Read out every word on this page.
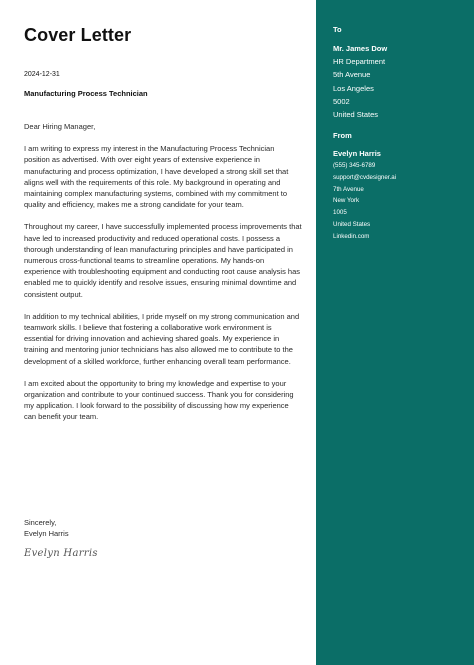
Cover Letter
2024-12-31
Manufacturing Process Technician

Dear Hiring Manager,

I am writing to express my interest in the Manufacturing Process Technician position as advertised. With over eight years of extensive experience in manufacturing and process optimization, I have developed a strong skill set that aligns well with the requirements of this role. My background in operating and maintaining complex manufacturing systems, combined with my commitment to quality and efficiency, makes me a strong candidate for your team.

Throughout my career, I have successfully implemented process improvements that have led to increased productivity and reduced operational costs. I possess a thorough understanding of lean manufacturing principles and have participated in numerous cross-functional teams to streamline operations. My hands-on experience with troubleshooting equipment and conducting root cause analysis has enabled me to quickly identify and resolve issues, ensuring minimal downtime and consistent output.

In addition to my technical abilities, I pride myself on my strong communication and teamwork skills. I believe that fostering a collaborative work environment is essential for driving innovation and achieving shared goals. My experience in training and mentoring junior technicians has also allowed me to contribute to the development of a skilled workforce, further enhancing overall team performance.

I am excited about the opportunity to bring my knowledge and expertise to your organization and contribute to your continued success. Thank you for considering my application. I look forward to the possibility of discussing how my experience can benefit your team.

Sincerely,
Evelyn Harris
Evelyn Harris
To
Mr. James Dow
HR Department
5th Avenue
Los Angeles
5002
United States
From
Evelyn Harris
(555) 345-6789
support@cvdesigner.ai
7th Avenue
New York
1005
United States
Linkedin.com
